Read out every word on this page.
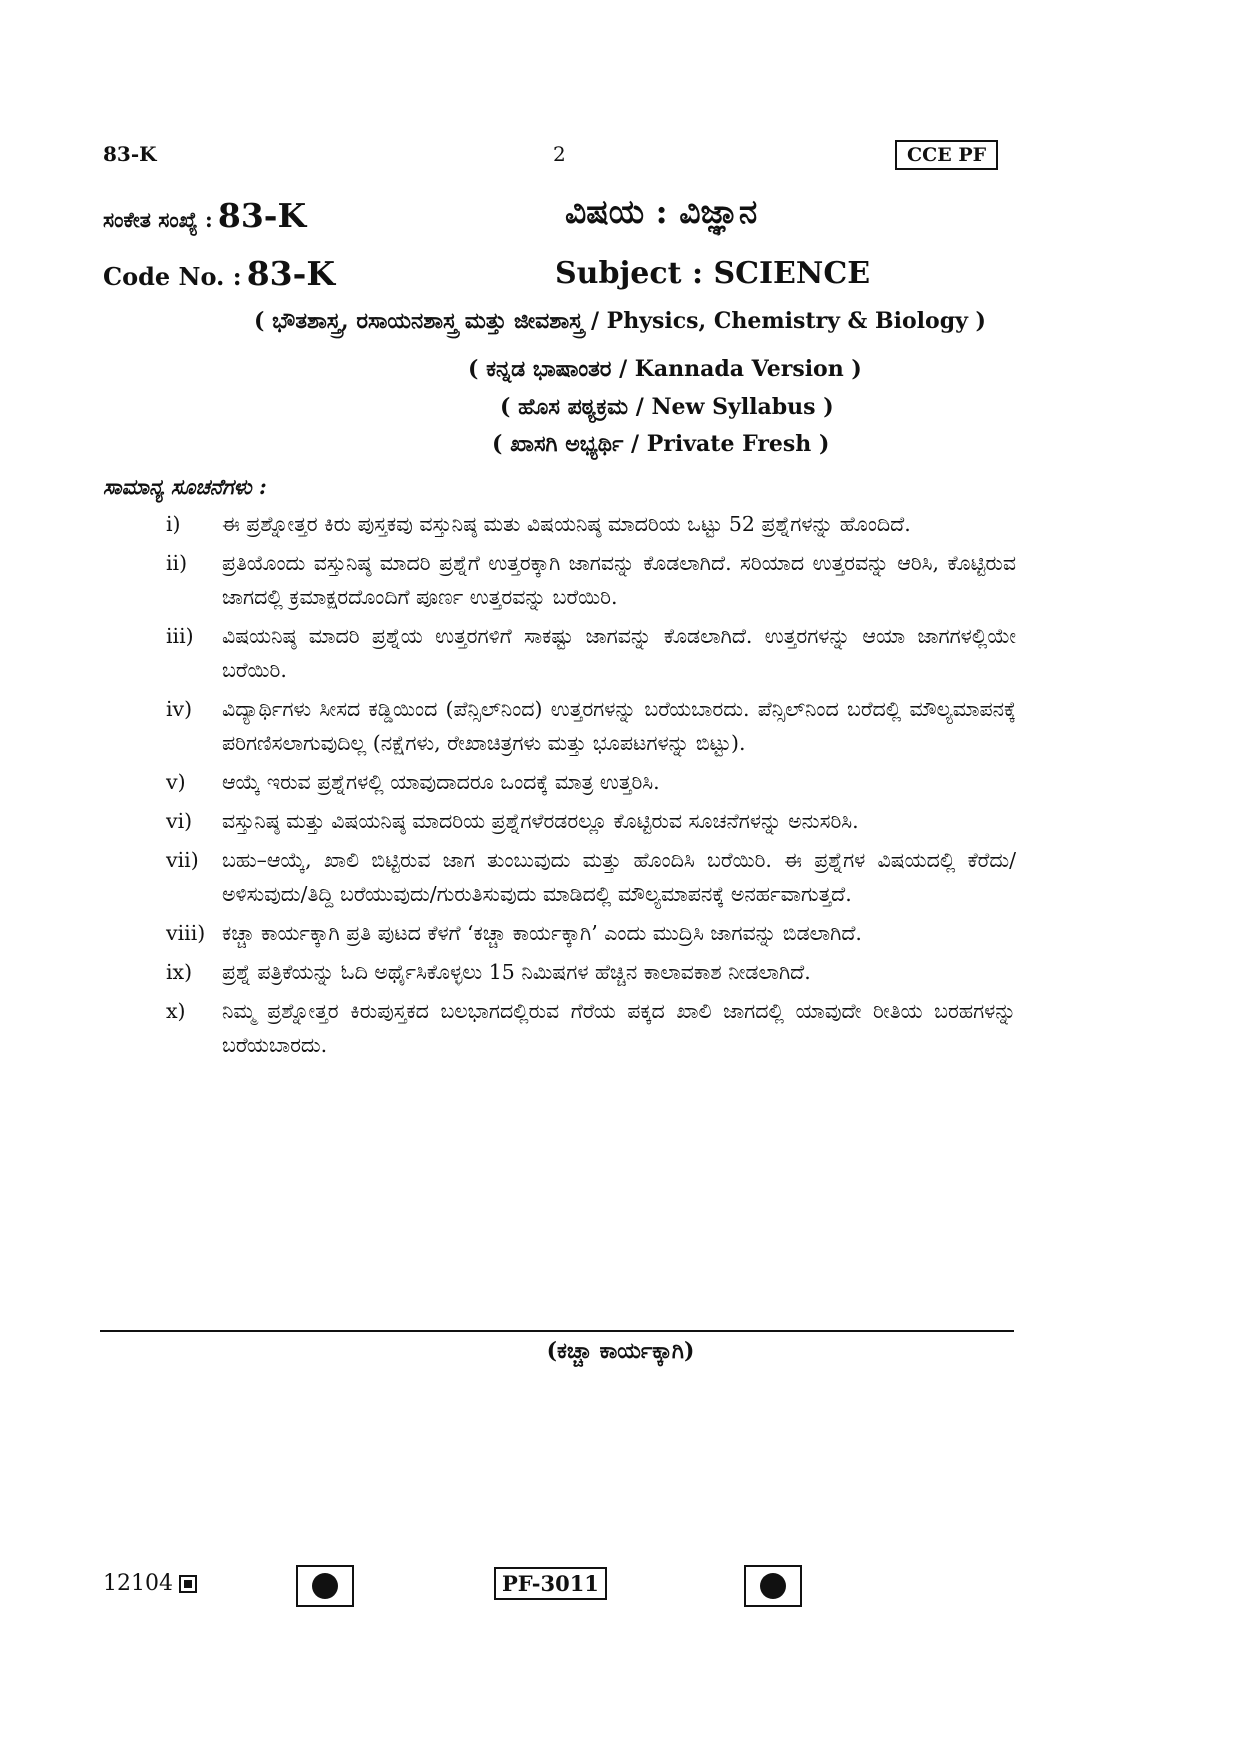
83-K	2	CCE PF
ಸಂಕೇತ ಸಂಖ್ಯೆ : 83-K	ವಿಷಯ : ವಿಜ್ಞಾನ
Code No. : 83-K	Subject : SCIENCE
( ಭೌತಶಾಸ್ತ್ರ, ರಸಾಯನಶಾಸ್ತ್ರ ಮತ್ತು ಜೀವಶಾಸ್ತ್ರ / Physics, Chemistry & Biology )
( ಕನ್ನಡ ಭಾಷಾಂತರ / Kannada Version )
( ಹೊಸ ಪಠ್ಯಕ್ರಮ / New Syllabus )
( ಖಾಸಗಿ ಅಭ್ಯರ್ಥಿ / Private Fresh )
ಸಾಮಾನ್ಯ ಸೂಚನೆಗಳು :
i)	ಈ ಪ್ರಶ್ನೋತ್ತರ ಕಿರು ಪುಸ್ತಕವು ವಸ್ತುನಿಷ್ಠ ಮತು ವಿಷಯನಿಷ್ಠ ಮಾದರಿಯ ಒಟ್ಟು 52 ಪ್ರಶ್ನೆಗಳನ್ನು ಹೊಂದಿದೆ.
ii)	ಪ್ರತಿಯೊಂದು ವಸ್ತುನಿಷ್ಠ ಮಾದರಿ ಪ್ರಶ್ನೆಗೆ ಉತ್ತರಕ್ಕಾಗಿ ಜಾಗವನ್ನು ಕೊಡಲಾಗಿದೆ. ಸರಿಯಾದ ಉತ್ತರವನ್ನು ಆರಿಸಿ, ಕೊಟ್ಟಿರುವ ಜಾಗದಲ್ಲಿ ಕ್ರಮಾಕ್ಷರದೊಂದಿಗೆ ಪೂರ್ಣ ಉತ್ತರವನ್ನು ಬರೆಯಿರಿ.
iii)	ವಿಷಯನಿಷ್ಠ ಮಾದರಿ ಪ್ರಶ್ನೆಯ ಉತ್ತರಗಳಿಗೆ ಸಾಕಷ್ಟು ಜಾಗವನ್ನು ಕೊಡಲಾಗಿದೆ. ಉತ್ತರಗಳನ್ನು ಆಯಾ ಜಾಗಗಳಲ್ಲಿಯೇ ಬರೆಯಿರಿ.
iv)	ವಿದ್ಯಾರ್ಥಿಗಳು ಸೀಸದ ಕಡ್ಡಿಯಿಂದ (ಪೆನ್ಸಿಲ್‌ನಿಂದ) ಉತ್ತರಗಳನ್ನು ಬರೆಯಬಾರದು. ಪೆನ್ಸಿಲ್‌ನಿಂದ ಬರೆದಲ್ಲಿ ಮೌಲ್ಯಮಾಪನಕ್ಕೆ ಪರಿಗಣಿಸಲಾಗುವುದಿಲ್ಲ (ನಕ್ಷೆಗಳು, ರೇಖಾಚಿತ್ರಗಳು ಮತ್ತು ಭೂಪಟಗಳನ್ನು ಬಿಟ್ಟು).
v)	ಆಯ್ಕೆ ಇರುವ ಪ್ರಶ್ನೆಗಳಲ್ಲಿ ಯಾವುದಾದರೂ ಒಂದಕ್ಕೆ ಮಾತ್ರ ಉತ್ತರಿಸಿ.
vi)	ವಸ್ತುನಿಷ್ಠ ಮತ್ತು ವಿಷಯನಿಷ್ಠ ಮಾದರಿಯ ಪ್ರಶ್ನೆಗಳೆರಡರಲ್ಲೂ ಕೊಟ್ಟಿರುವ ಸೂಚನೆಗಳನ್ನು ಅನುಸರಿಸಿ.
vii)	ಬಹು–ಆಯ್ಕೆ, ಖಾಲಿ ಬಿಟ್ಟಿರುವ ಜಾಗ ತುಂಬುವುದು ಮತ್ತು ಹೊಂದಿಸಿ ಬರೆಯಿರಿ. ಈ ಪ್ರಶ್ನೆಗಳ ವಿಷಯದಲ್ಲಿ ಕೆರೆದು/ಅಳಿಸುವುದು/ತಿದ್ದಿ ಬರೆಯುವುದು/ಗುರುತಿಸುವುದು ಮಾಡಿದಲ್ಲಿ ಮೌಲ್ಯಮಾಪನಕ್ಕೆ ಅನರ್ಹವಾಗುತ್ತದೆ.
viii) ಕಚ್ಚಾ ಕಾರ್ಯಕ್ಕಾಗಿ ಪ್ರತಿ ಪುಟದ ಕೆಳಗೆ ‘ಕಚ್ಚಾ ಕಾರ್ಯಕ್ಕಾಗಿ’ ಎಂದು ಮುದ್ರಿಸಿ ಜಾಗವನ್ನು ಬಿಡಲಾಗಿದೆ.
ix)	ಪ್ರಶ್ನೆ ಪತ್ರಿಕೆಯನ್ನು ಓದಿ ಅರ್ಥೈಸಿಕೊಳ್ಳಲು 15 ನಿಮಿಷಗಳ ಹೆಚ್ಚಿನ ಕಾಲಾವಕಾಶ ನೀಡಲಾಗಿದೆ.
x)	ನಿಮ್ಮ ಪ್ರಶ್ನೋತ್ತರ ಕಿರುಪುಸ್ತಕದ ಬಲಭಾಗದಲ್ಲಿರುವ ಗೆರೆಯ ಪಕ್ಕದ ಖಾಲಿ ಜಾಗದಲ್ಲಿ ಯಾವುದೇ ರೀತಿಯ ಬರಹಗಳನ್ನು ಬರೆಯಬಾರದು.
(ಕಚ್ಚಾ ಕಾರ್ಯಕ್ಕಾಗಿ)
12104	PF-3011
